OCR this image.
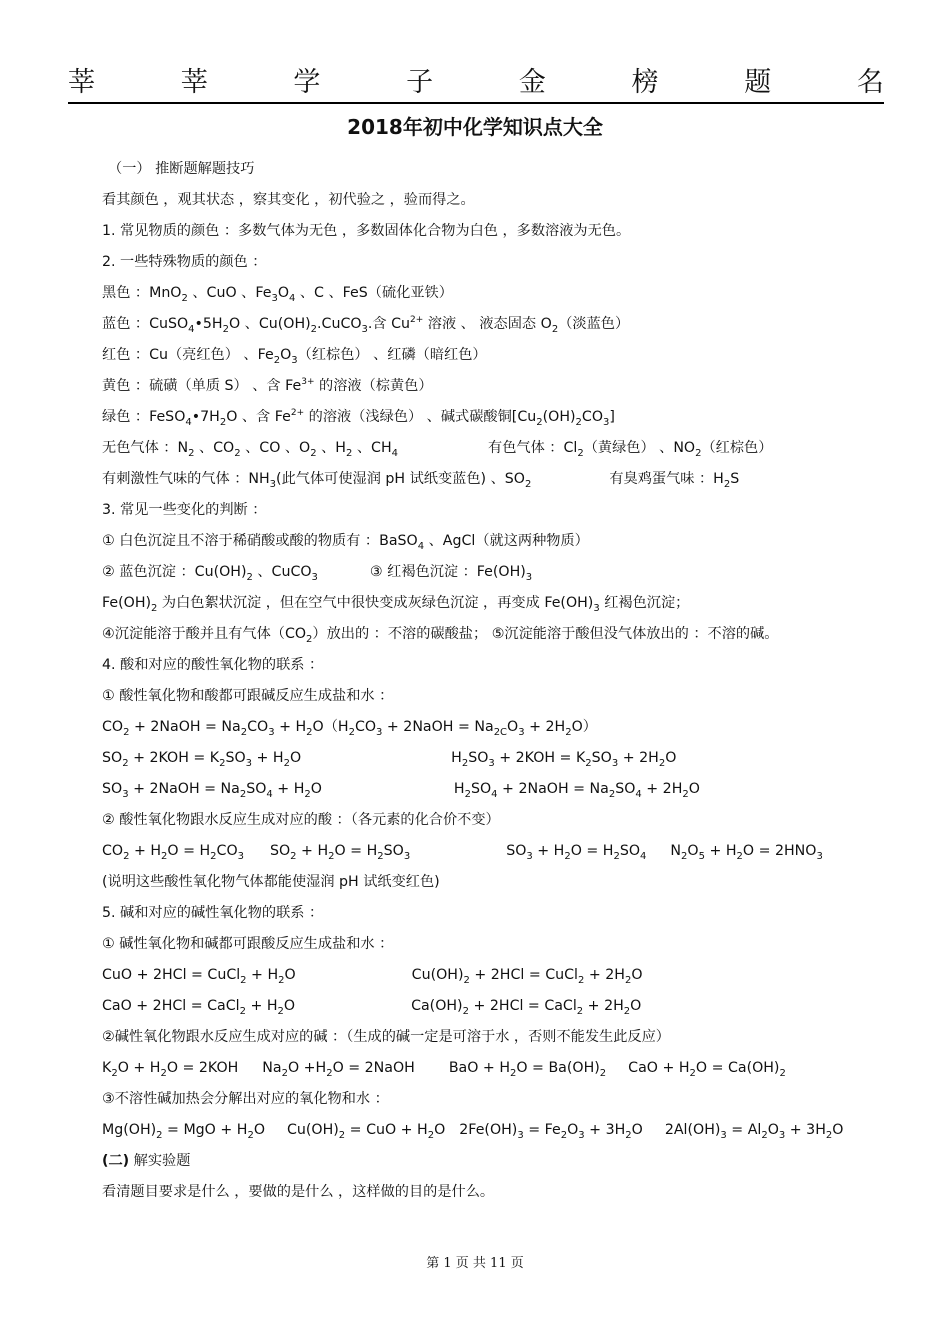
莘	莘	学	子	金	榜	题	名
2018年初中化学知识点大全
（一） 推断题解题技巧
看其颜色 ，观其状态 ，察其变化 ，初代验之 ，验而得之。
1. 常见物质的颜色 ：多数气体为无色 ，多数固体化合物为白色 ，多数溶液为无色。
2. 一些特殊物质的颜色 ：
黑色 ：MnO$_2$ 、CuO 、$Fe_3O_4$ 、C 、FeS（硫化亚铁）
蓝色 ：$CuSO_4•5H_2O$ 、$Cu(OH)_2.CuCO_3$.含 $Cu^{2+}$ 溶液 、 液态固态 $O_2$（淡蓝色）
红色 ：Cu（亮红色） 、$Fe_2O_3$（红棕色） 、红磷（暗红色）
黄色 ：硫磺（单质 S） 、含 $Fe^{3+}$ 的溶液（棕黄色）
绿色 ：$FeSO_4•7H_2O$ 、含 $Fe^{2+}$ 的溶液（浅绿色） 、碱式碳酸铜$[Cu_2(OH)_2CO_3]$
无色气体 ：$N_2$ 、$CO_2$ 、CO 、$O_2$ 、$H_2$ 、$CH_4$	有色气体 ：$Cl_2$（黄绿色） 、$NO_2$（红棕色）
有刺激性气味的气体 ：$NH_3$(此气体可使湿润 pH 试纸变蓝色) 、$SO_2$	有臭鸡蛋气味 ：$H_2S$
3. 常见一些变化的判断 ：
① 白色沉淀且不溶于稀硝酸或酸的物质有 ：BaSO$_4$ 、AgCl（就这两种物质）
② 蓝色沉淀 ：$Cu(OH)_2$ 、CuCO$_3$	③ 红褐色沉淀 ：$Fe(OH)_3$
$Fe(OH)_2$ 为白色絮状沉淀 ，但在空气中很快变成灰绿色沉淀 ，再变成 $Fe(OH)_3$ 红褐色沉淀；
④沉淀能溶于酸并且有气体$(CO_2)$放出的 ：不溶的碳酸盐； ⑤沉淀能溶于酸但没气体放出的 ：不溶的碱。
4. 酸和对应的酸性氧化物的联系 ：
① 酸性氧化物和酸都可跟碱反应生成盐和水 ：
$CO_2$ + 2NaOH = $Na_2CO_3 + H_2O(H_2CO_3$ + 2NaOH = $Na_{2C}O_3 + 2H_2O$）
$SO_2 + 2KOH = K_2SO_3 + H_2O$	$H_2SO_3 + 2KOH = K_2SO_3 + 2H_2O$
$SO_3$ + 2NaOH = $Na_2SO_4 + H_2O$	$H_2SO_4$ + 2NaOH = $Na_2SO_4 + 2H_2O$
② 酸性氧化物跟水反应生成对应的酸 ：（各元素的化合价不变）
$CO_2 + H_2O = H_2CO_3$ $SO_2 + H_2O = H_2SO_3$	$SO_3 + H_2O = H_2SO_4$ $N_2O_5 + H_2O = 2HNO_3$
(说明这些酸性氧化物气体都能使湿润 pH 试纸变红色)
5. 碱和对应的碱性氧化物的联系 ：
① 碱性氧化物和碱都可跟酸反应生成盐和水 ：
CuO + 2HCl = CuCl$_2$ + $H_2O$	$Cu(OH)_2 + 2HCl$ = CuCl$_2$ + $2H_2O$
CaO + 2HCl = CaCl$_2$ + $H_2O$	$Ca(OH)_2 + 2HCl$ = CaCl$_2$ + $2H_2O$
②碱性氧化物跟水反应生成对应的碱 ：（生成的碱一定是可溶于水 ，否则不能发生此反应）
$K_2O + H_2O = 2KOH$ $Na_2O +H_2O$ = 2NaOH BaO + $H_2O = Ba(OH)_2$ CaO + $H_2O = Ca(OH)_2$
③不溶性碱加热会分解出对应的氧化物和水 ：
$Mg(OH)_2$ = MgO + $H_2O$ $Cu(OH)_2$ = CuO + $H_2O$ $2Fe(OH)_3 = Fe_2O_3 + 3H_2O$ $2Al(OH)_3 = Al_2O_3 + 3H_2O$
(二) 解实验题
看清题目要求是什么 ，要做的是什么 ，这样做的目的是什么。
第 1 页 共 11 页
